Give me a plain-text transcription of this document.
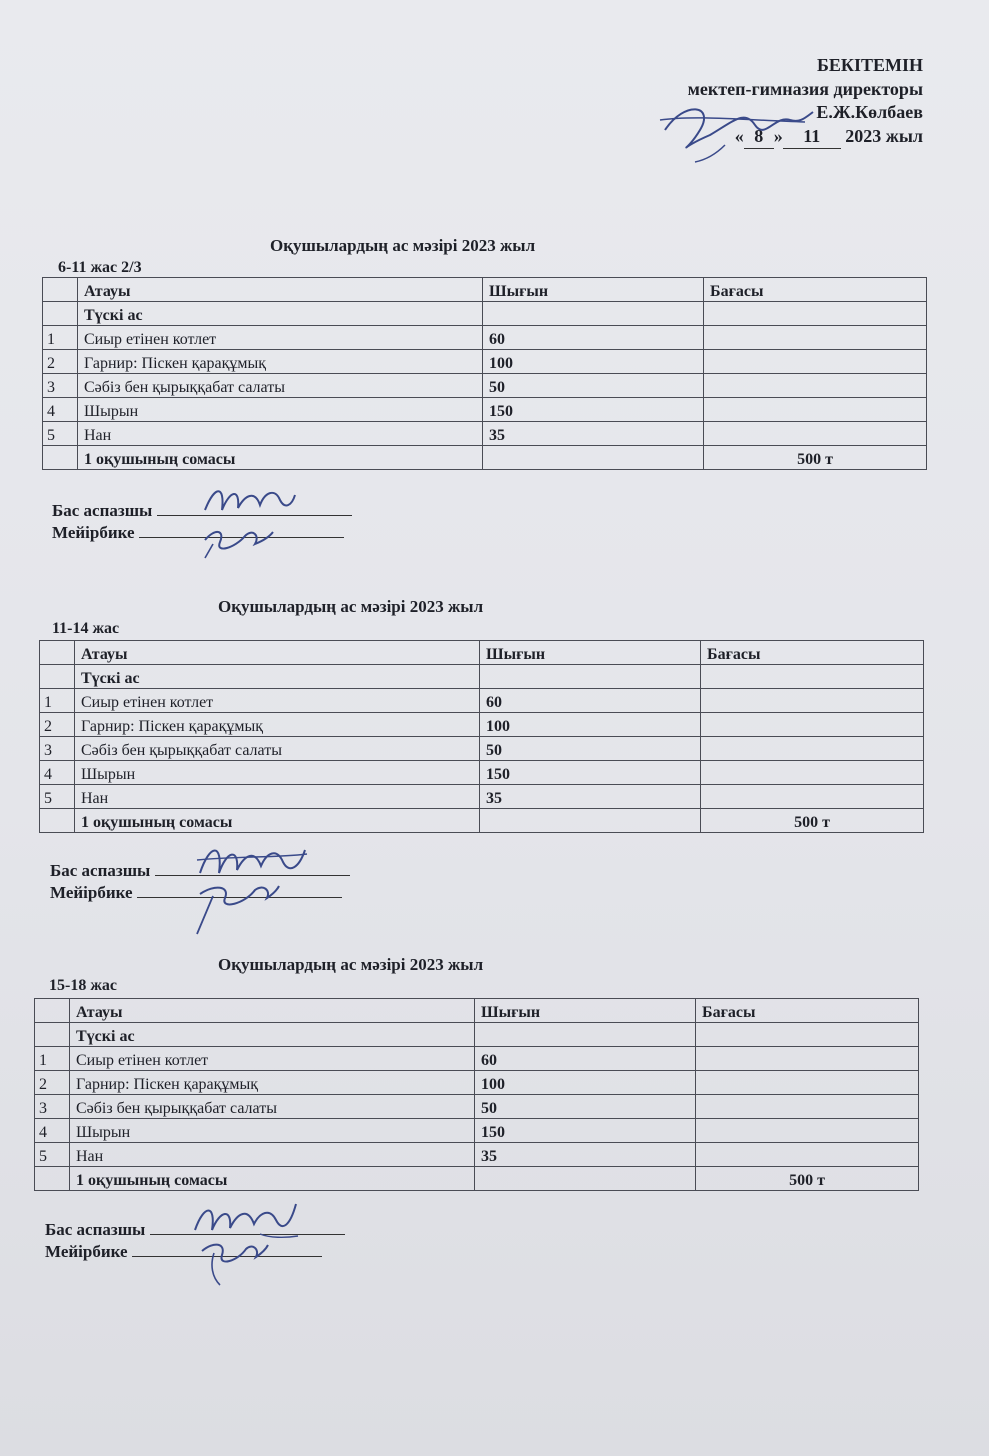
БЕКІТЕМІН
мектеп-гимназия директоры
Е.Ж.Көлбаев
« 8 » 11 2023 жыл
Оқушылардың ас мәзірі 2023 жыл
6-11 жас 2/3
	Атауы	Шығын	Бағасы
	Түскі ас		
1	Сиыр етінен котлет	60	
2	Гарнир: Піскен қарақұмық	100	
3	Сәбіз бен қырыққабат салаты	50	
4	Шырын	150	
5	Нан	35	
	1 оқушының сомасы		500 т
Бас аспазшы
Мейірбике
Оқушылардың ас мәзірі 2023 жыл
11-14 жас
	Атауы	Шығын	Бағасы
	Түскі ас		
1	Сиыр етінен котлет	60	
2	Гарнир: Піскен қарақұмық	100	
3	Сәбіз бен қырыққабат салаты	50	
4	Шырын	150	
5	Нан	35	
	1 оқушының сомасы		500 т
Бас аспазшы
Мейірбике
Оқушылардың ас мәзірі 2023 жыл
15-18 жас
	Атауы	Шығын	Бағасы
	Түскі ас		
1	Сиыр етінен котлет	60	
2	Гарнир: Піскен қарақұмық	100	
3	Сәбіз бен қырыққабат салаты	50	
4	Шырын	150	
5	Нан	35	
	1 оқушының сомасы		500 т
Бас аспазшы
Мейірбике
